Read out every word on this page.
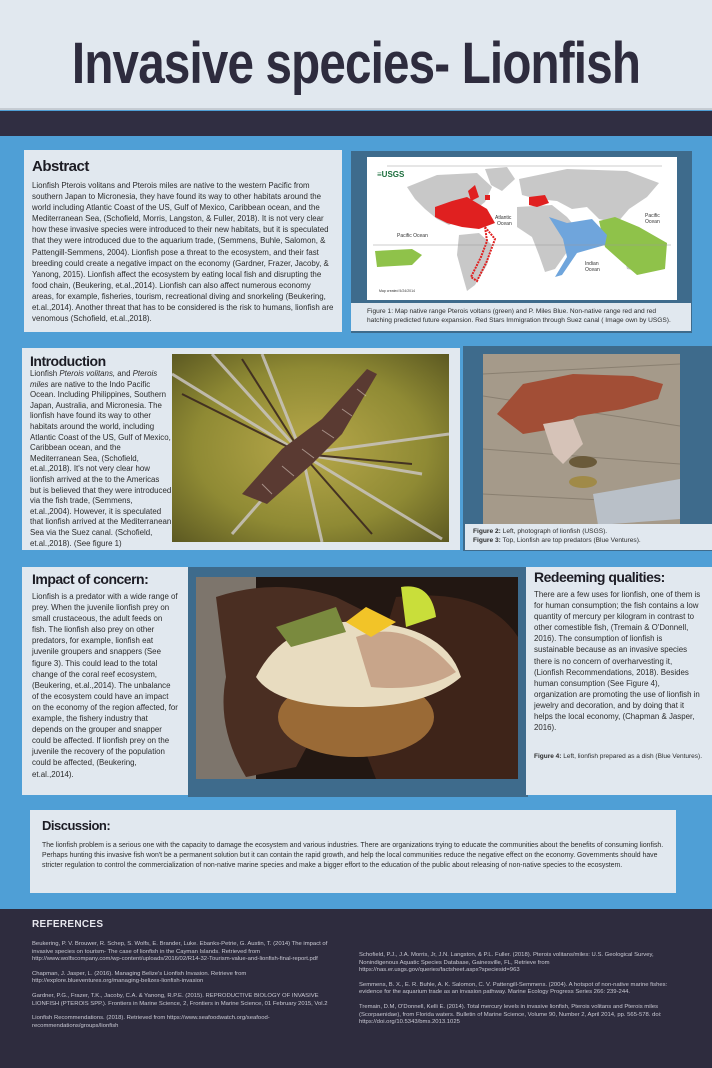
Invasive species- Lionfish
Abstract

Lionfish Pterois volitans and Pterois miles are native to the western Pacific from southern Japan to Micronesia, they have found its way to other habitats around the world including Atlantic Coast of the US, Gulf of Mexico, Caribbean ocean, and the Mediterranean Sea, (Schofield, Morris, Langston, & Fuller, 2018). It is not very clear how these invasive species were introduced to their new habitats, but it is speculated that they were introduced due to the aquarium trade, (Semmens, Buhle, Salomon, & Pattengill-Semmens, 2004). Lionfish pose a threat to the ecosystem, and their fast breeding could create a negative impact on the economy (Gardner, Frazer, Jacoby, & Yanong, 2015). Lionfish affect the ecosystem by eating local fish and disrupting the food chain, (Beukering, et.al.,2014). Lionfish can also affect numerous economy areas, for example, fisheries, tourism, recreational diving and snorkeling (Beukering, et.al.,2014). Another threat that has to be considered is the risk to humans, lionfish are venomous (Schofield, et.al.,2018).

≡USGS
Pacific Ocean
Atlantic
Ocean
Indian
Ocean
Pacific
Ocean
Map created 5/24/2014

Figure 1: Map native range Pterois voltans (green) and P. Miles Blue. Non-native range red and red hatching predicted future expansion. Red Stars Immigration through Suez canal ( Image own by USGS).

Introduction

Lionfish Pterois volitans, and Pterois miles are native to the Indo Pacific Ocean. Including Philippines, Southern Japan, Australia, and Micronesia. The lionfish have found its way to other habitats around the world, including Atlantic Coast of the US, Gulf of Mexico, Caribbean ocean, and the Mediterranean Sea, (Schofield, et.al.,2018). It's not very clear how lionfish arrived at the to the Americas but is believed that they were introduced via the fish trade, (Semmens, et.al.,2004). However, it is speculated that lionfish arrived at the Mediterranean Sea via the Suez canal. (Schofield, et.al.,2018). (See figure 1)

Figure 2: Left, photograph of lionfish (USGS).

Figure 3: Top, Lionfish are top predators (Blue Ventures).

Impact of concern:

Lionfish is a predator with a wide range of prey. When the juvenile lionfish prey on small crustaceous, the adult feeds on fish. The lionfish also prey on other predators, for example, lionfish eat juvenile groupers and snappers (See figure 3). This could lead to the total change of the coral reef ecosystem, (Beukering, et.al.,2014). The unbalance of the ecosystem could have an impact on the economy of the region affected, for example, the fishery industry that depends on the grouper and snapper could be affected. If lionfish prey on the juvenile the recovery of the population could be affected, (Beukering, et.al.,2014).

Redeeming qualities:

There are a few uses for lionfish, one of them is for human consumption; the fish contains a low quantity of mercury per kilogram in contrast to other comestible fish, (Tremain & O'Donnell, 2016). The consumption of lionfish is sustainable because as an invasive species there is no concern of overharvesting it, (Lionfish Recommendations, 2018). Besides human consumption (See Figure 4), organization are promoting the use of lionfish in jewelry and decoration, and by doing that it helps the local economy, (Chapman & Jasper, 2016).

Figure 4: Left, lionfish prepared as a dish (Blue Ventures).

Discussion:

The lionfish problem is a serious one with the capacity to damage the ecosystem and various industries. There are organizations trying to educate the communities about the benefits of consuming lionfish. Perhaps hunting this invasive fish won't be a permanent solution but it can contain the rapid growth, and help the local communities reduce the negative effect on the economy. Governments should have stricter regulation to control the commercialization of non-native marine species and make a bigger effort to the education of the public about releasing of non-native species to the ecosystem.

REFERENCES

Beukering, P. V. Brouwer, R. Schep, S. Wolfs, E. Brander, Luke. Ebanks-Petrie, G. Austin, T. (2014) The impact of invasive species on tourism- The case of lionfish in the Cayman Islands. Retrieved from http://www.wolfscompany.com/wp-content/uploads/2016/02/R14-32-Tourism-value-and-lionfish-final-report.pdf

Chapman, J. Jasper, L. (2016). Managing Belize's Lionfish Invasion. Retrieve from http://explore.blueventures.org/managing-belizes-lionfish-invasion

Gardner, P.G., Frazer, T.K., Jacoby, C.A. & Yanong, R.P.E. (2015). REPRODUCTIVE BIOLOGY OF INVASIVE LIONFISH (PTEROIS SPP.). Frontiers in Marine Science, 2, Frontiers in Marine Science, 01 February 2015, Vol.2

Lionfish Recommendations. (2018). Retrieved from https://www.seafoodwatch.org/seafood-recommendations/groups/lionfish

Schofield, P.J., J.A. Morris, Jr, J.N. Langston, & P.L. Fuller. (2018). Pterois volitans/miles: U.S. Geological Survey, Nonindigenous Aquatic Species Database, Gainesville, FL, Retrieve from https://nas.er.usgs.gov/queries/factsheet.aspx?speciesid=963

Semmens, B. X., E. R. Buhle, A. K. Salomon, C. V. Pattengill-Semmens. (2004). A hotspot of non-native marine fishes: evidence for the aquarium trade as an invasion pathway. Marine Ecology Progress Series 266: 239-244.

Tremain, D.M, O'Donnell, Kelli E. (2014). Total mercury levels in invasive lionfish, Pterois volitans and Pterois miles (Scorpaenidae), from Florida waters. Bulletin of Marine Science, Volume 90, Number 2, April 2014, pp. 565-578. doi: https://doi.org/10.5343/bms.2013.1025
